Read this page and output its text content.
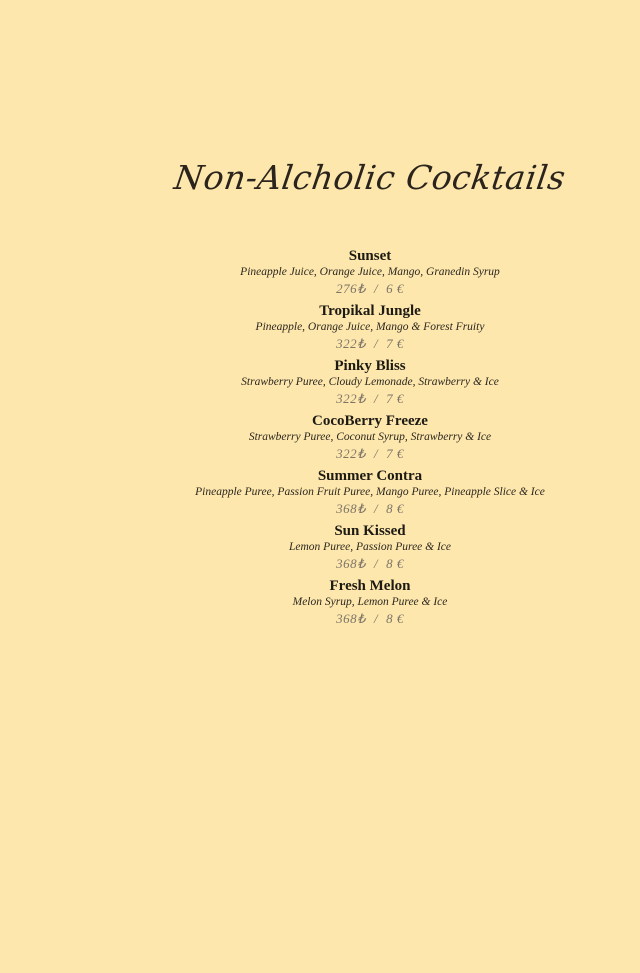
Non-Alcholic Cocktails
Sunset
Pineapple Juice, Orange Juice, Mango, Granedin Syrup
276₺ / 6 €
Tropikal Jungle
Pineapple, Orange Juice, Mango & Forest Fruity
322₺ / 7 €
Pinky Bliss
Strawberry Puree, Cloudy Lemonade, Strawberry & Ice
322₺ / 7 €
CocoBerry Freeze
Strawberry Puree, Coconut Syrup, Strawberry & Ice
322₺ / 7 €
Summer Contra
Pineapple Puree, Passion Fruit Puree, Mango Puree, Pineapple Slice & Ice
368₺ / 8 €
Sun Kissed
Lemon Puree, Passion Puree & Ice
368₺ / 8 €
Fresh Melon
Melon Syrup, Lemon Puree & Ice
368₺ / 8 €
